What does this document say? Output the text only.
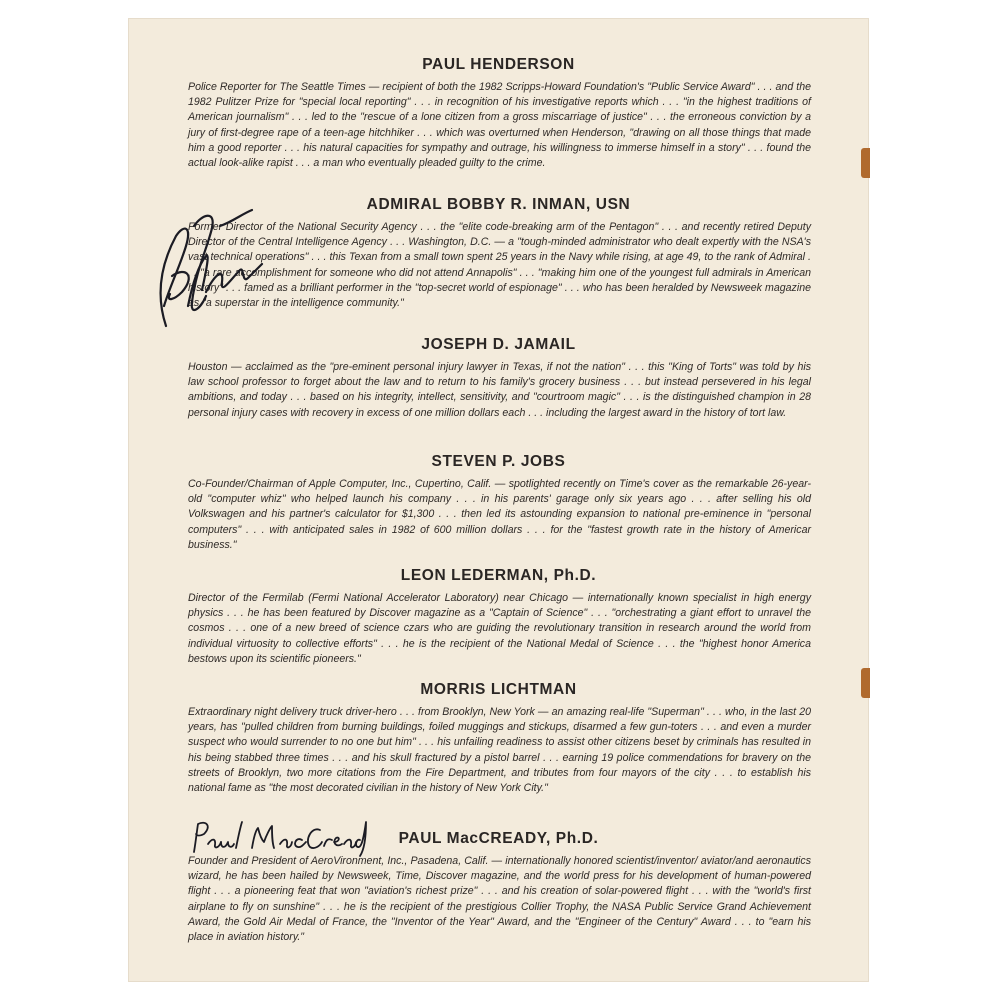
PAUL HENDERSON

Police Reporter for The Seattle Times — recipient of both the 1982 Scripps-Howard Foundation's "Public Service Award" . . . and the 1982 Pulitzer Prize for "special local reporting" . . . in recognition of his investigative reports which . . . "in the highest traditions of American journalism" . . . led to the "rescue of a lone citizen from a gross miscarriage of justice" . . . the erroneous conviction by a jury of first-degree rape of a teen-age hitchhiker . . . which was overturned when Henderson, "drawing on all those things that made him a good reporter . . . his natural capacities for sympathy and outrage, his willingness to immerse himself in a story" . . . found the actual look-alike rapist . . . a man who eventually pleaded guilty to the crime.

ADMIRAL BOBBY R. INMAN, USN

Former Director of the National Security Agency . . . the "elite code-breaking arm of the Pentagon" . . . and recently retired Deputy Director of the Central Intelligence Agency . . . Washington, D.C. — a "tough-minded administrator who dealt expertly with the NSA's vast technical operations" . . . this Texan from a small town spent 25 years in the Navy while rising, at age 49, to the rank of Admiral . . . "a rare accomplishment for someone who did not attend Annapolis" . . . "making him one of the youngest full admirals in American history" . . . famed as a brilliant performer in the "top-secret world of espionage" . . . who has been heralded by Newsweek magazine as "a superstar in the intelligence community."

JOSEPH D. JAMAIL

Houston — acclaimed as the "pre-eminent personal injury lawyer in Texas, if not the nation" . . . this "King of Torts" was told by his law school professor to forget about the law and to return to his family's grocery business . . . but instead persevered in his legal ambitions, and today . . . based on his integrity, intellect, sensitivity, and "courtroom magic" . . . is the distinguished champion in 28 personal injury cases with recovery in excess of one million dollars each . . . including the largest award in the history of tort law.

STEVEN P. JOBS

Co-Founder/Chairman of Apple Computer, Inc., Cupertino, Calif. — spotlighted recently on Time's cover as the remarkable 26-year-old "computer whiz" who helped launch his company . . . in his parents' garage only six years ago . . . after selling his old Volkswagen and his partner's calculator for $1,300 . . . then led its astounding expansion to national pre-eminence in "personal computers" . . . with anticipated sales in 1982 of 600 million dollars . . . for the "fastest growth rate in the history of Americar business."

LEON LEDERMAN, Ph.D.

Director of the Fermilab (Fermi National Accelerator Laboratory) near Chicago — internationally known specialist in high energy physics . . . he has been featured by Discover magazine as a "Captain of Science" . . . "orchestrating a giant effort to unravel the cosmos . . . one of a new breed of science czars who are guiding the revolutionary transition in research around the world from individual virtuosity to collective efforts" . . . he is the recipient of the National Medal of Science . . . the "highest honor America bestows upon its scientific pioneers."

MORRIS LICHTMAN

Extraordinary night delivery truck driver-hero . . . from Brooklyn, New York — an amazing real-life "Superman" . . . who, in the last 20 years, has "pulled children from burning buildings, foiled muggings and stickups, disarmed a few gun-toters . . . and even a murder suspect who would surrender to no one but him" . . . his unfailing readiness to assist other citizens beset by criminals has resulted in his being stabbed three times . . . and his skull fractured by a pistol barrel . . . earning 19 police commendations for bravery on the streets of Brooklyn, two more citations from the Fire Department, and tributes from four mayors of the city . . . to establish his national fame as "the most decorated civilian in the history of New York City."

PAUL MacCREADY, Ph.D.

Founder and President of AeroVironment, Inc., Pasadena, Calif. — internationally honored scientist/inventor/ aviator/and aeronautics wizard, he has been hailed by Newsweek, Time, Discover magazine, and the world press for his development of human-powered flight . . . a pioneering feat that won "aviation's richest prize" . . . and his creation of solar-powered flight . . . with the "world's first airplane to fly on sunshine" . . . he is the recipient of the prestigious Collier Trophy, the NASA Public Service Grand Achievement Award, the Gold Air Medal of France, the "Inventor of the Year" Award, and the "Engineer of the Century" Award . . . to "earn his place in aviation history."
